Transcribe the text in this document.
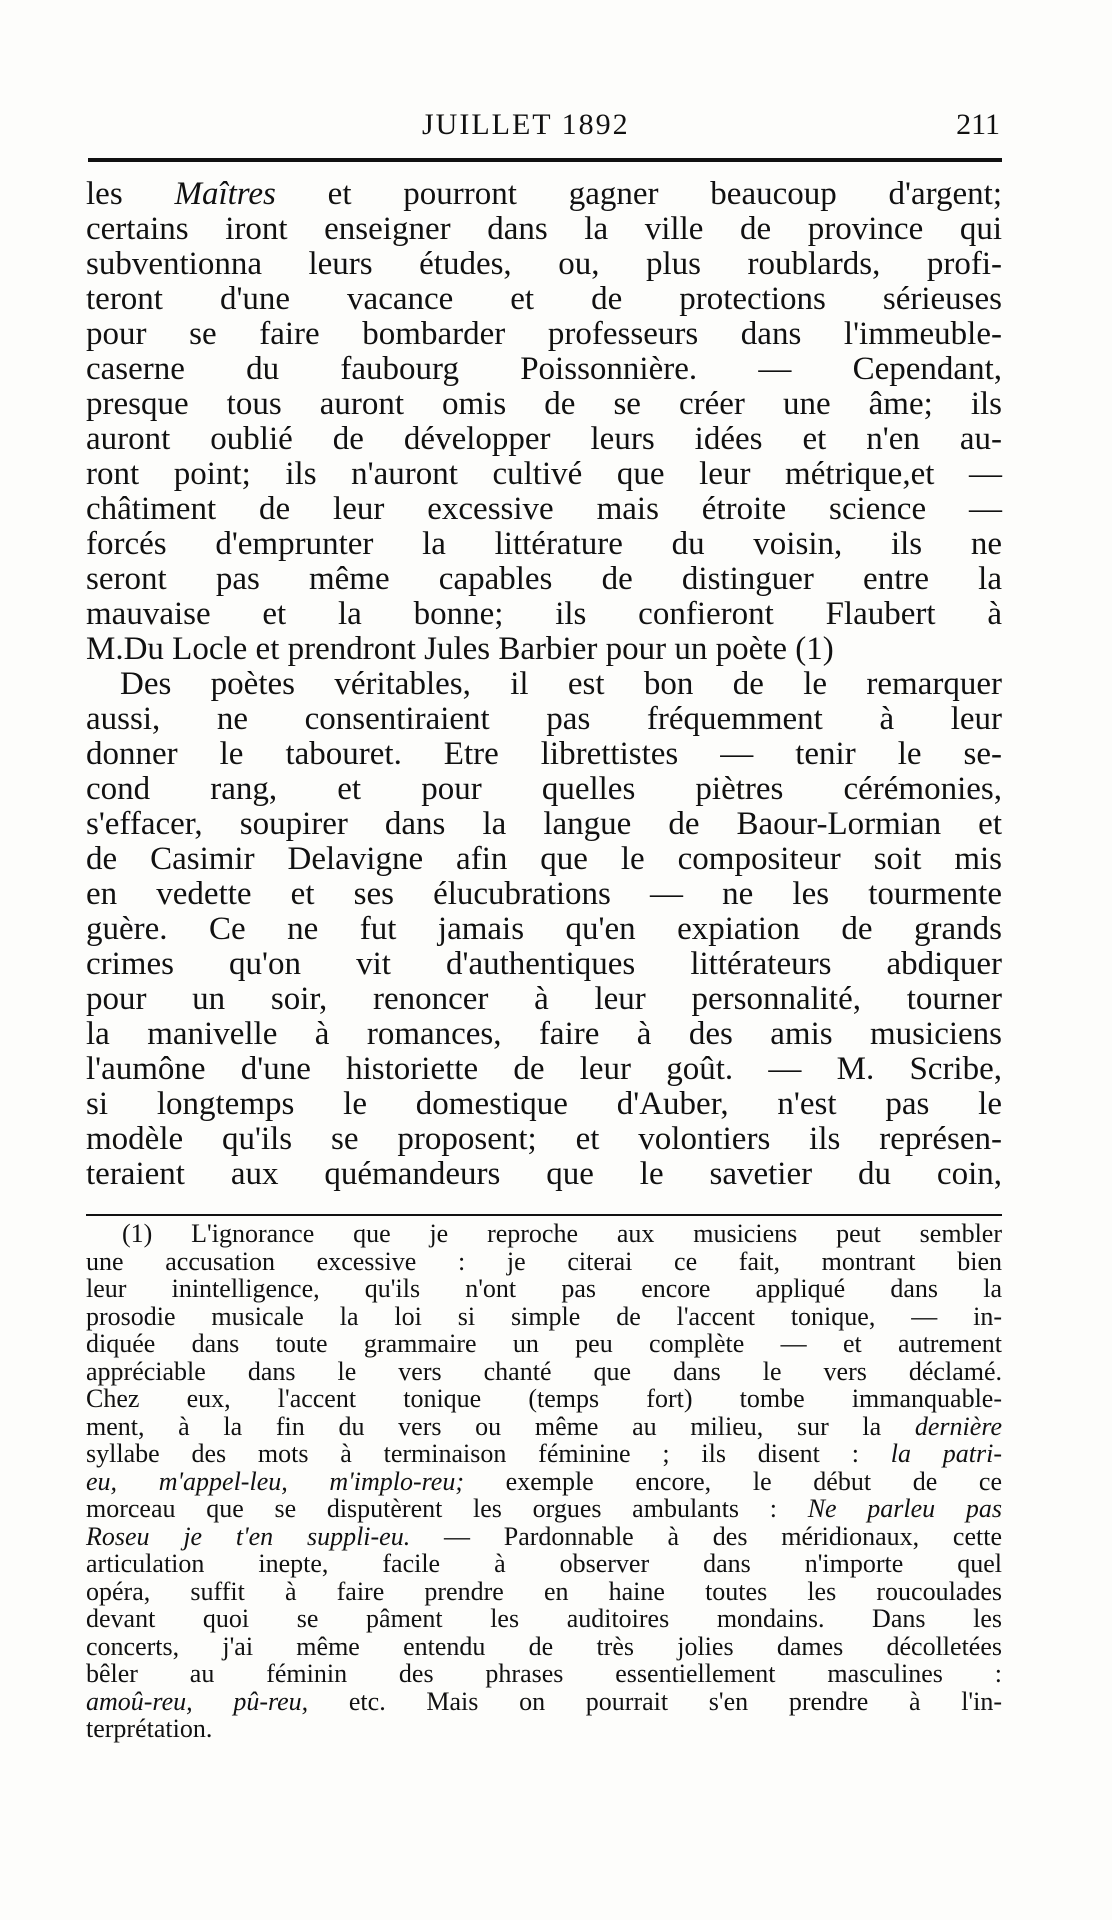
JUILLET 1892	211
les Maîtres et pourront gagner beaucoup d'argent;
certains iront enseigner dans la ville de province qui
subventionna leurs études, ou, plus roublards, profi-
teront d'une vacance et de protections sérieuses
pour se faire bombarder professeurs dans l'immeuble-
caserne du faubourg Poissonnière. — Cependant,
presque tous auront omis de se créer une âme; ils
auront oublié de développer leurs idées et n'en au-
ront point; ils n'auront cultivé que leur métrique,et —
châtiment de leur excessive mais étroite science —
forcés d'emprunter la littérature du voisin, ils ne
seront pas même capables de distinguer entre la
mauvaise et la bonne; ils confieront Flaubert à
M.Du Locle et prendront Jules Barbier pour un poète (1)
Des poètes véritables, il est bon de le remarquer
aussi, ne consentiraient pas fréquemment à leur
donner le tabouret. Etre librettistes — tenir le se-
cond rang, et pour quelles piètres cérémonies,
s'effacer, soupirer dans la langue de Baour-Lormian et
de Casimir Delavigne afin que le compositeur soit mis
en vedette et ses élucubrations — ne les tourmente
guère. Ce ne fut jamais qu'en expiation de grands
crimes qu'on vit d'authentiques littérateurs abdiquer
pour un soir, renoncer à leur personnalité, tourner
la manivelle à romances, faire à des amis musiciens
l'aumône d'une historiette de leur goût. — M. Scribe,
si longtemps le domestique d'Auber, n'est pas le
modèle qu'ils se proposent; et volontiers ils représen-
teraient aux quémandeurs que le savetier du coin,
(1) L'ignorance que je reproche aux musiciens peut sembler
une accusation excessive : je citerai ce fait, montrant bien
leur inintelligence, qu'ils n'ont pas encore appliqué dans la
prosodie musicale la loi si simple de l'accent tonique, — in-
diquée dans toute grammaire un peu complète — et autrement
appréciable dans le vers chanté que dans le vers déclamé.
Chez eux, l'accent tonique (temps fort) tombe immanquable-
ment, à la fin du vers ou même au milieu, sur la dernière
syllabe des mots à terminaison féminine ; ils disent : la patri-
eu, m'appel-leu, m'implo-reu; exemple encore, le début de ce
morceau que se disputèrent les orgues ambulants : Ne parleu pas
Roseu je t'en suppli-eu. — Pardonnable à des méridionaux, cette
articulation inepte, facile à observer dans n'importe quel
opéra, suffit à faire prendre en haine toutes les roucoulades
devant quoi se pâment les auditoires mondains. Dans les
concerts, j'ai même entendu de très jolies dames décolletées
bêler au féminin des phrases essentiellement masculines :
amoû-reu, pû-reu, etc. Mais on pourrait s'en prendre à l'in-
terprétation.
